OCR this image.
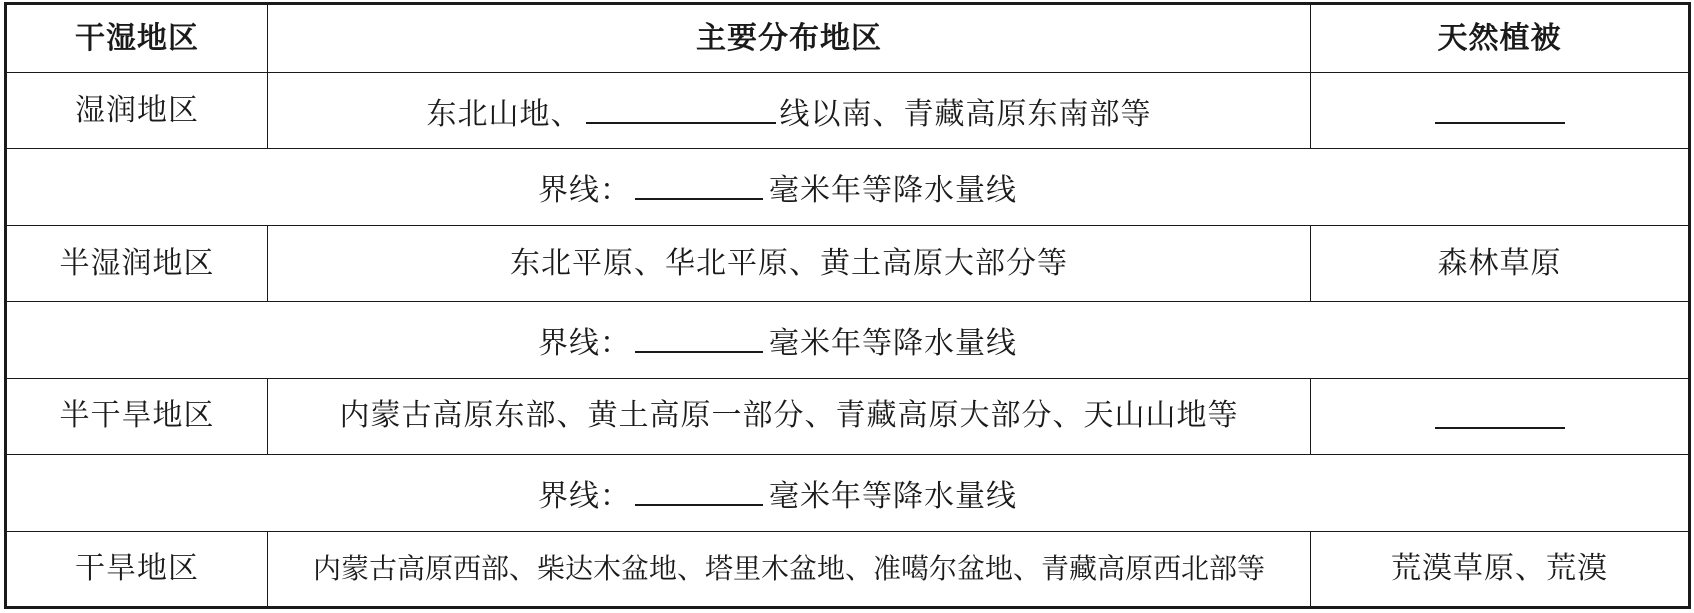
干湿地区	主要分布地区	天然植被
湿润地区	东北山地、 线以南、青藏高原东南部等	
界线： 毫米年等降水量线		
半湿润地区	东北平原、华北平原、黄土高原大部分等	森林草原
界线： 毫米年等降水量线		
半干旱地区	内蒙古高原东部、黄土高原一部分、青藏高原大部分、天山山地等	
界线： 毫米年等降水量线		
干旱地区	内蒙古高原西部、柴达木盆地、塔里木盆地、准噶尔盆地、青藏高原西北部等	荒漠草原、荒漠
